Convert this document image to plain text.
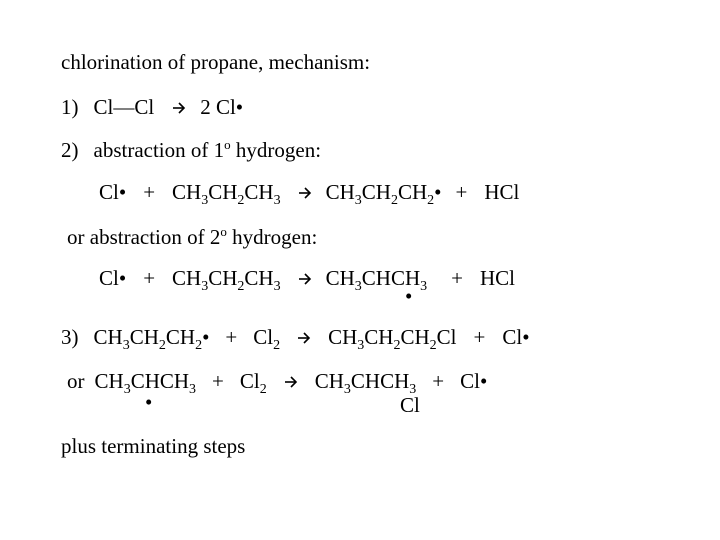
chlorination of propane, mechanism:
1) Cl—Cl 2 Cl•
2) abstraction of 1$^o$ hydrogen:
Cl• + $CH_3CH_2CH_3$ $CH_3CH_2CH_2•$ + HCl
or abstraction of 2$^o$ hydrogen:
Cl• + $CH_3CH_2CH_3$ $CH_3CHCH_3$ + HCl
•
3) $CH_3CH_2CH_2• + Cl_2$ $CH_3CH_2CH_2Cl$ + Cl•
or $CH_3CHCH_3 + Cl_2$ $CH_3CHCH_3$ + Cl•
•	Cl
plus terminating steps
